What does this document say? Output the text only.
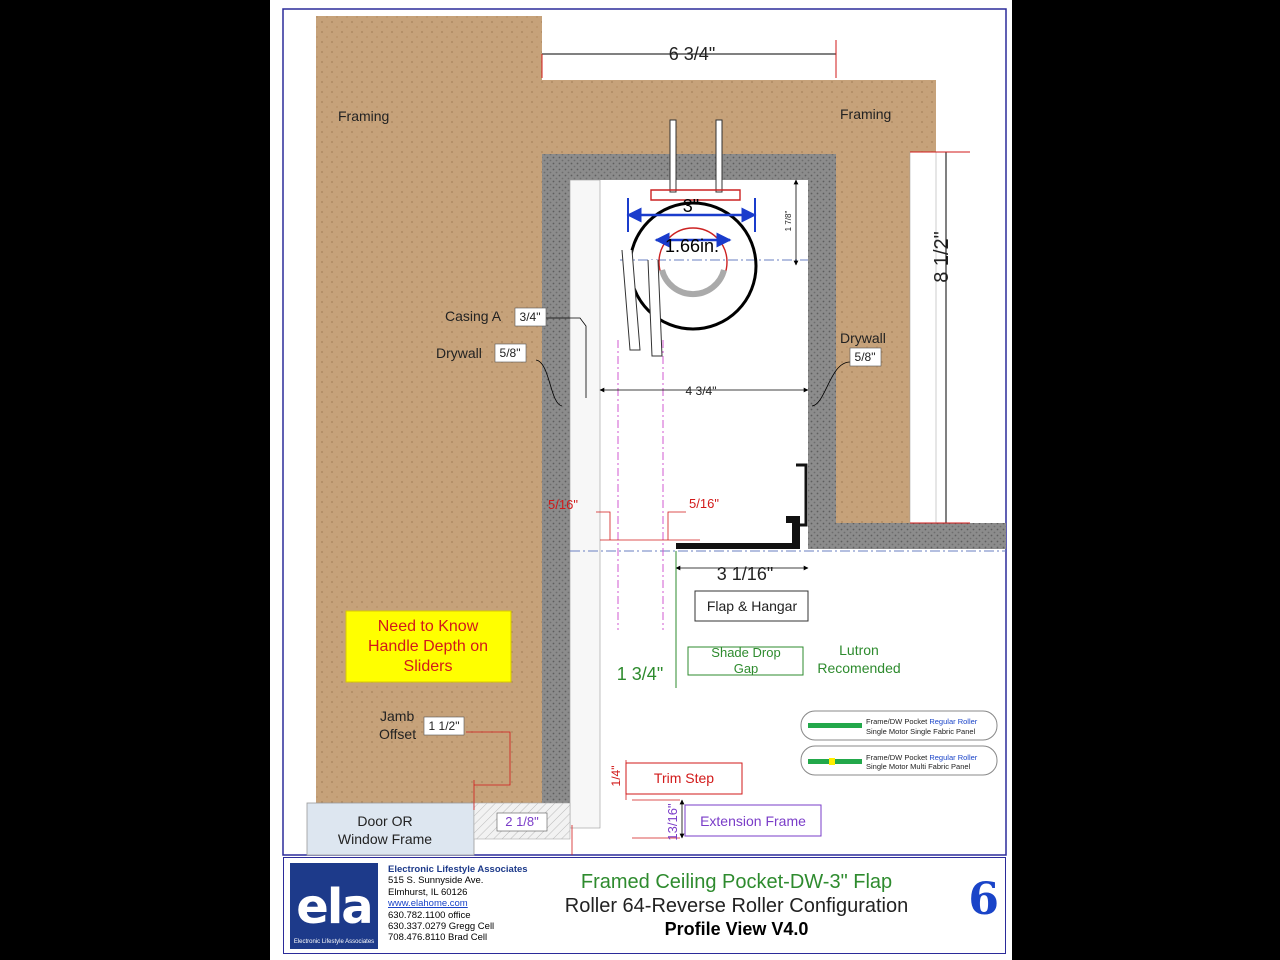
Framing	Framing
Casing A
Drywall
Drywall
Jamb
Offset
Door OR
Window Frame
Flap & Hangar
Shade Drop
Gap
Lutron
Recomended
Trim Step
Extension Frame
Need to Know
Handle Depth on
Sliders
6 3/4"
8 1/2"
3"
1.66in.
1 7/8"
3/4"
5/8"	5/8"
4 3/4"
5/16"	5/16"
3 1/16"
1 3/4"
1 1/2"
1/4"
2 1/8"	13/16"
Frame/DW Pocket Regular Roller
Single Motor Single Fabric Panel
Frame/DW Pocket Regular Roller
Single Motor Multi Fabric Panel
ela
Electronic Lifestyle Associates
Electronic Lifestyle Associates
515 S. Sunnyside Ave.
Elmhurst, IL 60126
www.elahome.com
630.782.1100 office
630.337.0279 Gregg Cell
708.476.8110 Brad Cell
Framed Ceiling Pocket-DW-3" Flap
Roller 64-Reverse Roller Configuration
Profile View V4.0
6
